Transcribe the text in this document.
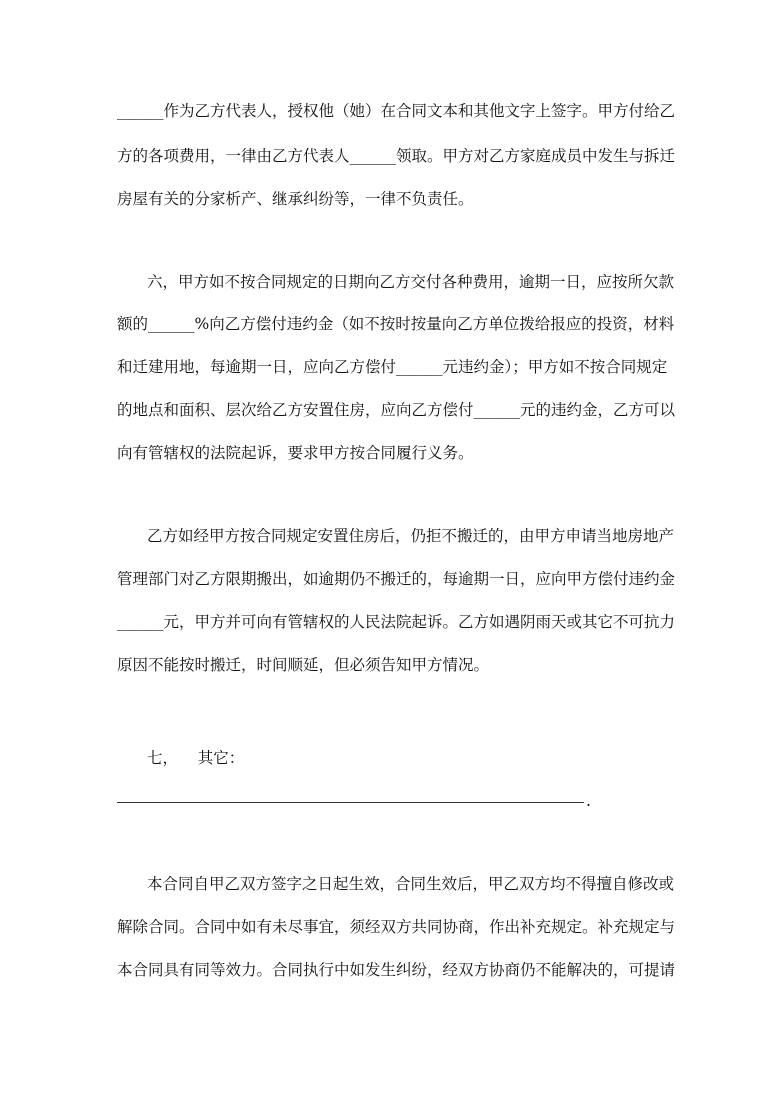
______作为乙方代表人，授权他（她）在合同文本和其他文字上签字。甲方付给乙
方的各项费用，一律由乙方代表人______领取。甲方对乙方家庭成员中发生与拆迁
房屋有关的分家析产、继承纠纷等，一律不负责任。
六，甲方如不按合同规定的日期向乙方交付各种费用，逾期一日，应按所欠款
额的______%向乙方偿付违约金（如不按时按量向乙方单位拨给报应的投资，材料
和迁建用地，每逾期一日，应向乙方偿付______元违约金）；甲方如不按合同规定
的地点和面积、层次给乙方安置住房，应向乙方偿付______元的违约金，乙方可以
向有管辖权的法院起诉，要求甲方按合同履行义务。
乙方如经甲方按合同规定安置住房后，仍拒不搬迁的，由甲方申请当地房地产
管理部门对乙方限期搬出，如逾期仍不搬迁的，每逾期一日，应向甲方偿付违约金
______元，甲方并可向有管辖权的人民法院起诉。乙方如遇阴雨天或其它不可抗力
原因不能按时搬迁，时间顺延，但必须告知甲方情况。
七，    其它：
.
本合同自甲乙双方签字之日起生效，合同生效后，甲乙双方均不得擅自修改或
解除合同。合同中如有未尽事宜，须经双方共同协商，作出补充规定。补充规定与
本合同具有同等效力。合同执行中如发生纠纷，经双方协商仍不能解决的，可提请
